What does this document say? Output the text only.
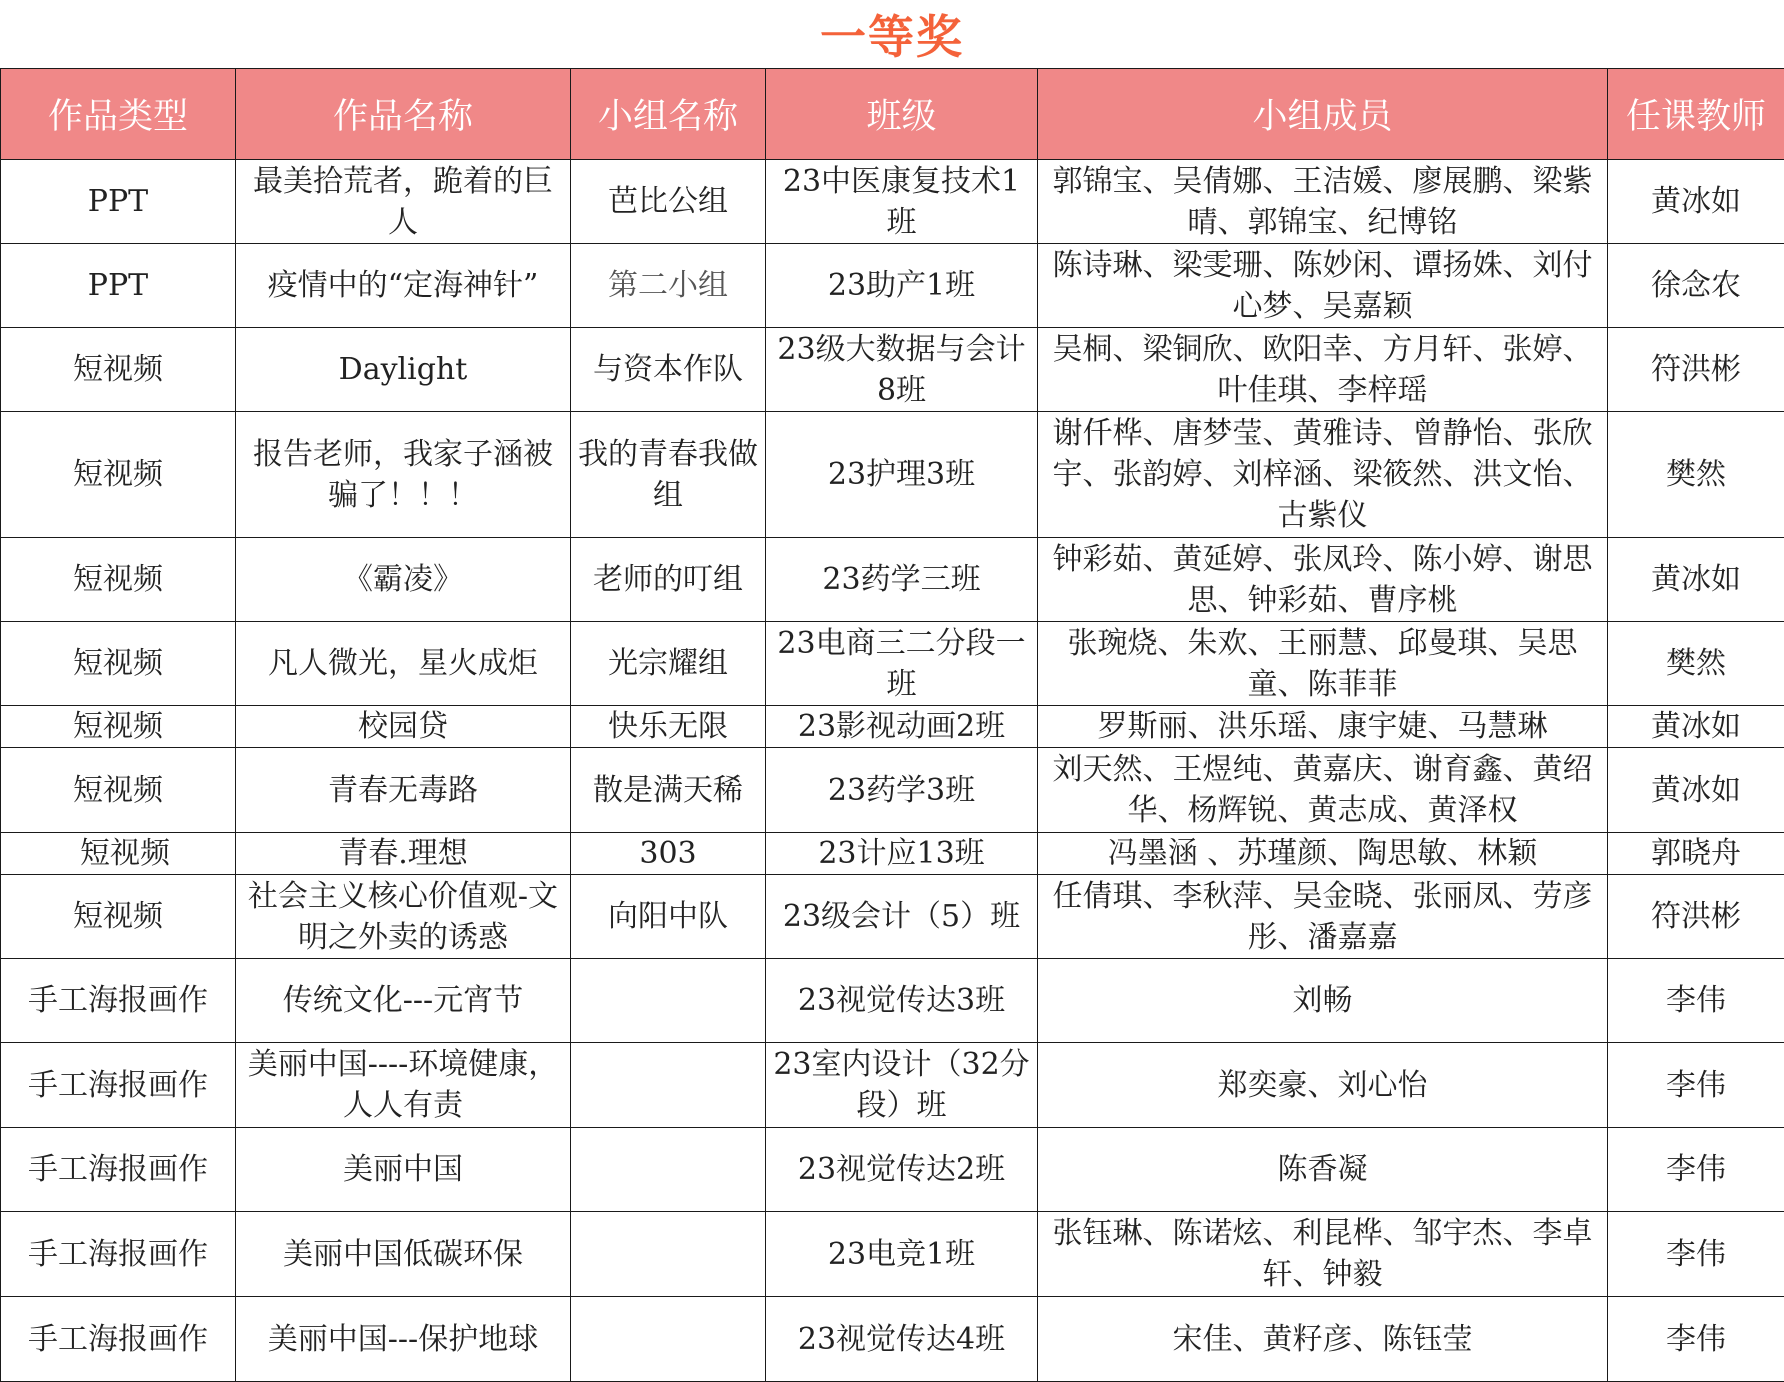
一等奖
作品类型	作品名称	小组名称	班级	小组成员	任课教师
PPT	最美拾荒者，跪着的巨人	芭比公组	23中医康复技术1班	郭锦宝、吴倩娜、王洁媛、廖展鹏、梁紫晴、郭锦宝、纪博铭	黄冰如
PPT	疫情中的“定海神针”	第二小组	23助产1班	陈诗琳、梁雯珊、陈妙闲、谭扬姝、刘付心梦、吴嘉颖	徐念农
短视频	Daylight	与资本作队	23级大数据与会计8班	吴桐、梁铜欣、欧阳幸、方月轩、张婷、叶佳琪、李梓瑶	符洪彬
短视频	报告老师，我家子涵被骗了！！！	我的青春我做组	23护理3班	谢仟桦、唐梦莹、黄雅诗、曾静怡、张欣宇、张韵婷、刘梓涵、梁筱然、洪文怡、古紫仪	樊然
短视频	《霸凌》	老师的叮组	23药学三班	钟彩茹、黄延婷、张凤玲、陈小婷、谢思思、钟彩茹、曹序桃	黄冰如
短视频	凡人微光，星火成炬	光宗耀组	23电商三二分段一班	张琬烧、朱欢、王丽慧、邱曼琪、吴思童、陈菲菲	樊然
短视频	校园贷	快乐无限	23影视动画2班	罗斯丽、洪乐瑶、康宇婕、马慧琳	黄冰如
短视频	青春无毒路	散是满天稀	23药学3班	刘天然、王煜纯、黄嘉庆、谢育鑫、黄绍华、杨辉锐、黄志成、黄泽权	黄冰如
短视频	青春.理想	303	23计应13班	冯墨涵 、苏瑾颜、陶思敏、林颖	郭晓舟
短视频	社会主义核心价值观-文明之外卖的诱惑	向阳中队	23级会计（5）班	任倩琪、李秋萍、吴金晓、张丽凤、劳彦彤、潘嘉嘉	符洪彬
手工海报画作	传统文化---元宵节		23视觉传达3班	刘畅	李伟
手工海报画作	美丽中国----环境健康，人人有责		23室内设计（32分段）班	郑奕豪、刘心怡	李伟
手工海报画作	美丽中国		23视觉传达2班	陈香凝	李伟
手工海报画作	美丽中国低碳环保		23电竞1班	张钰琳、陈诺炫、利昆桦、邹宇杰、李卓轩、钟毅	李伟
手工海报画作	美丽中国---保护地球		23视觉传达4班	宋佳、黄籽彦、陈钰莹	李伟
